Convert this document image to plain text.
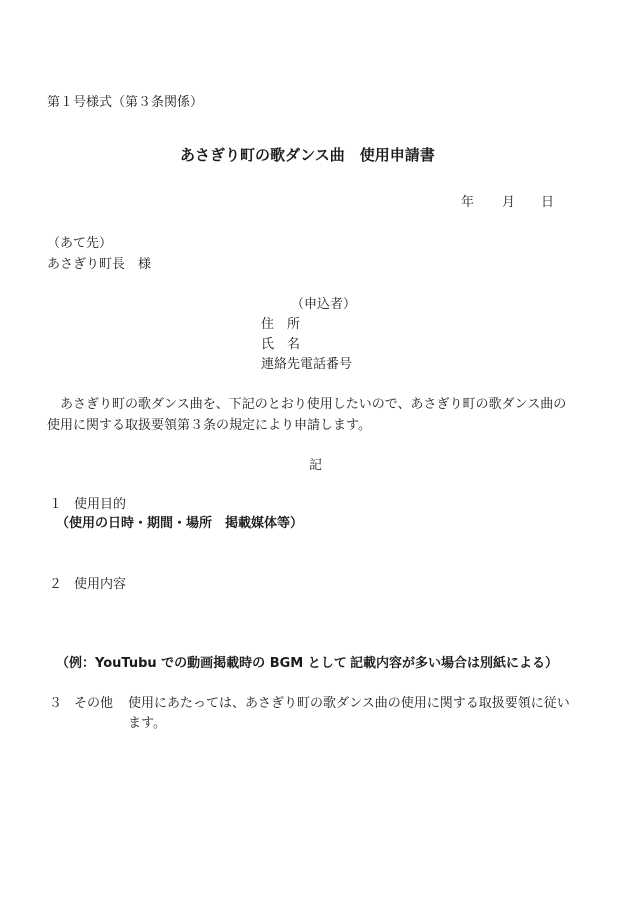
第１号様式（第３条関係）
あさぎり町の歌ダンス曲　使用申請書
年 月 日
（あて先）
あさぎり町長　様
（申込者）
住　所
氏　名
連絡先電話番号
　あさぎり町の歌ダンス曲を、下記のとおり使用したいので、あさぎり町の歌ダンス曲の
使用に関する取扱要領第３条の規定により申請します。
記
１ 使用目的
（使用の日時・期間・場所　掲載媒体等）
２ 使用内容
（例：YouTubu での動画掲載時の BGM として 記載内容が多い場合は別紙による）
３ その他 使用にあたっては、あさぎり町の歌ダンス曲の使用に関する取扱要領に従い
ます。
